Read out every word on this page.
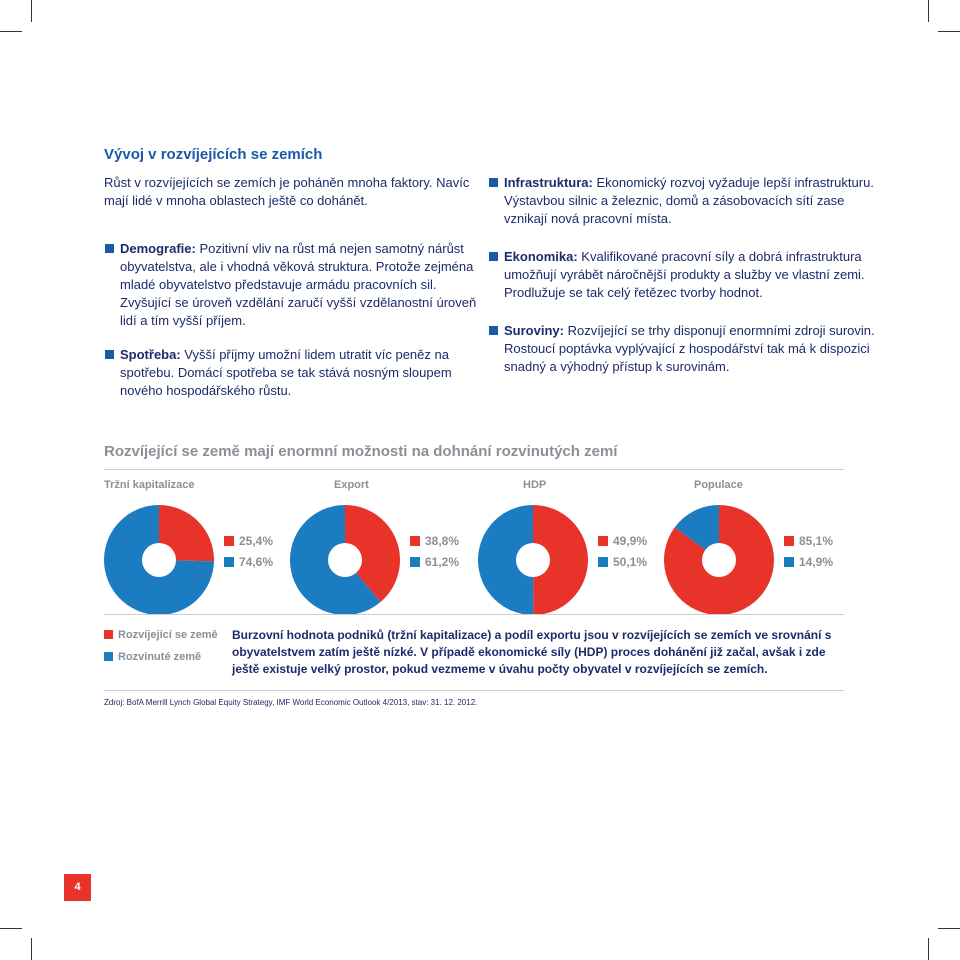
Vývoj v rozvíjejících se zemích
Růst v rozvíjejících se zemích je poháněn mnoha faktory. Navíc mají lidé v mnoha oblastech ještě co dohánět.
Demografie: Pozitivní vliv na růst má nejen samotný nárůst obyvatelstva, ale i vhodná věková struktura. Protože zejména mladé obyvatelstvo představuje armádu pracovních sil. Zvyšující se úroveň vzdělání zaručí vyšší vzdělanostní úroveň lidí a tím vyšší příjem.
Spotřeba: Vyšší příjmy umožní lidem utratit víc peněz na spotřebu. Domácí spotřeba se tak stává nosným sloupem nového hospodářského růstu.
Infrastruktura: Ekonomický rozvoj vyžaduje lepší infrastrukturu. Výstavbou silnic a železnic, domů a zásobovacích sítí zase vznikají nová pracovní místa.
Ekonomika: Kvalifikované pracovní síly a dobrá infrastruktura umožňují vyrábět náročnější produkty a služby ve vlastní zemi. Prodlužuje se tak celý řetězec tvorby hodnot.
Suroviny: Rozvíjející se trhy disponují enormními zdroji surovin. Rostoucí poptávka vyplývající z hospodářství tak má k dispozici snadný a výhodný přístup k surovinám.
Rozvíjející se země mají enormní možnosti na dohnání rozvinutých zemí
Tržní kapitalizace	Export	HDP	Populace
25,4%
74,6%
38,8%
61,2%
49,9%
50,1%
85,1%
14,9%
Rozvíjející se země
Rozvinuté země
Burzovní hodnota podniků (tržní kapitalizace) a podíl exportu jsou v rozvíjejících se zemích ve srovnání s obyvatelstvem zatím ještě nízké. V případě ekonomické síly (HDP) proces dohánění již začal, avšak i zde ještě existuje velký prostor, pokud vezmeme v úvahu počty obyvatel v rozvíjejících se zemích.
Zdroj: BofA Merrill Lynch Global Equity Strategy, IMF World Economic Outlook 4/2013, stav: 31. 12. 2012.
4
